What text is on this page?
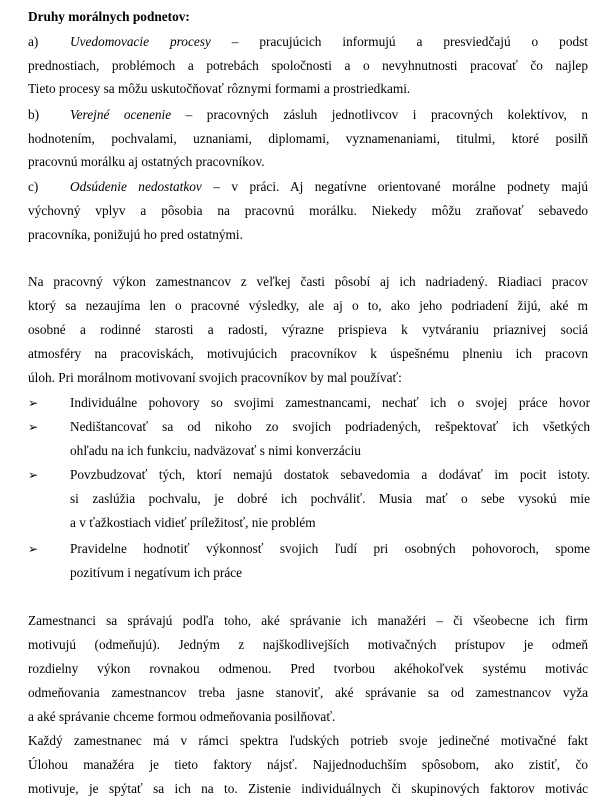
Druhy morálnych podnetov:
a) Uvedomovacie procesy – pracujúcich informujú a presviedčajú o podst
prednostiach, problémoch a potrebách spoločnosti a o nevyhnutnosti pracovať čo najlep
Tieto procesy sa môžu uskutočňovať rôznymi formami a prostriedkami.
b) Verejné ocenenie – pracovných zásluh jednotlivcov i pracovných kolektívov, n
hodnotením, pochvalami, uznaniami, diplomami, vyznamenaniami, titulmi, ktoré posilň
pracovnú morálku aj ostatných pracovníkov.
c) Odsúdenie nedostatkov – v práci. Aj negatívne orientované morálne podnety majú
výchovný vplyv a pôsobia na pracovnú morálku. Niekedy môžu zraňovať sebavedo
pracovníka, ponižujú ho pred ostatnými.
Na pracovný výkon zamestnancov z veľkej časti pôsobí aj ich nadriadený. Riadiaci pracov
ktorý sa nezaujíma len o pracovné výsledky, ale aj o to, ako jeho podriadení žijú, aké m
osobné a rodinné starosti a radosti, výrazne prispieva k vytváraniu priaznivej sociá
atmosféry na pracoviskách, motivujúcich pracovníkov k úspešnému plneniu ich pracovn
úloh. Pri morálnom motivovaní svojich pracovníkov by mal používať:
➢	Individuálne pohovory so svojimi zamestnancami, nechať ich o svojej práce hovor
➢	Nedištancovať sa od nikoho zo svojich podriadených, rešpektovať ich všetkých
ohľadu na ich funkciu, nadväzovať s nimi konverzáciu
➢	Povzbudzovať tých, ktorí nemajú dostatok sebavedomia a dodávať im pocit istoty.
si zaslúžia pochvalu, je dobré ich pochváliť. Musia mať o sebe vysokú mie
a v ťažkostiach vidieť príležitosť, nie problém
➢	Pravidelne hodnotiť výkonnosť svojich ľudí pri osobných pohovoroch, spome
pozitívum i negatívum ich práce
Zamestnanci sa správajú podľa toho, aké správanie ich manažéri – či všeobecne ich firm
motivujú (odmeňujú). Jedným z najškodlivejších motivačných prístupov je odmeň
rozdielny výkon rovnakou odmenou. Pred tvorbou akéhokoľvek systému motivác
odmeňovania zamestnancov treba jasne stanoviť, aké správanie sa od zamestnancov vyža
a aké správanie chceme formou odmeňovania posilňovať.
Každý zamestnanec má v rámci spektra ľudských potrieb svoje jedinečné motivačné fakt
Úlohou manažéra je tieto faktory nájsť. Najjednoduchším spôsobom, ako zistiť, čo
motivuje, je spýtať sa ich na to. Zistenie individuálnych či skupinových faktorov motivác
